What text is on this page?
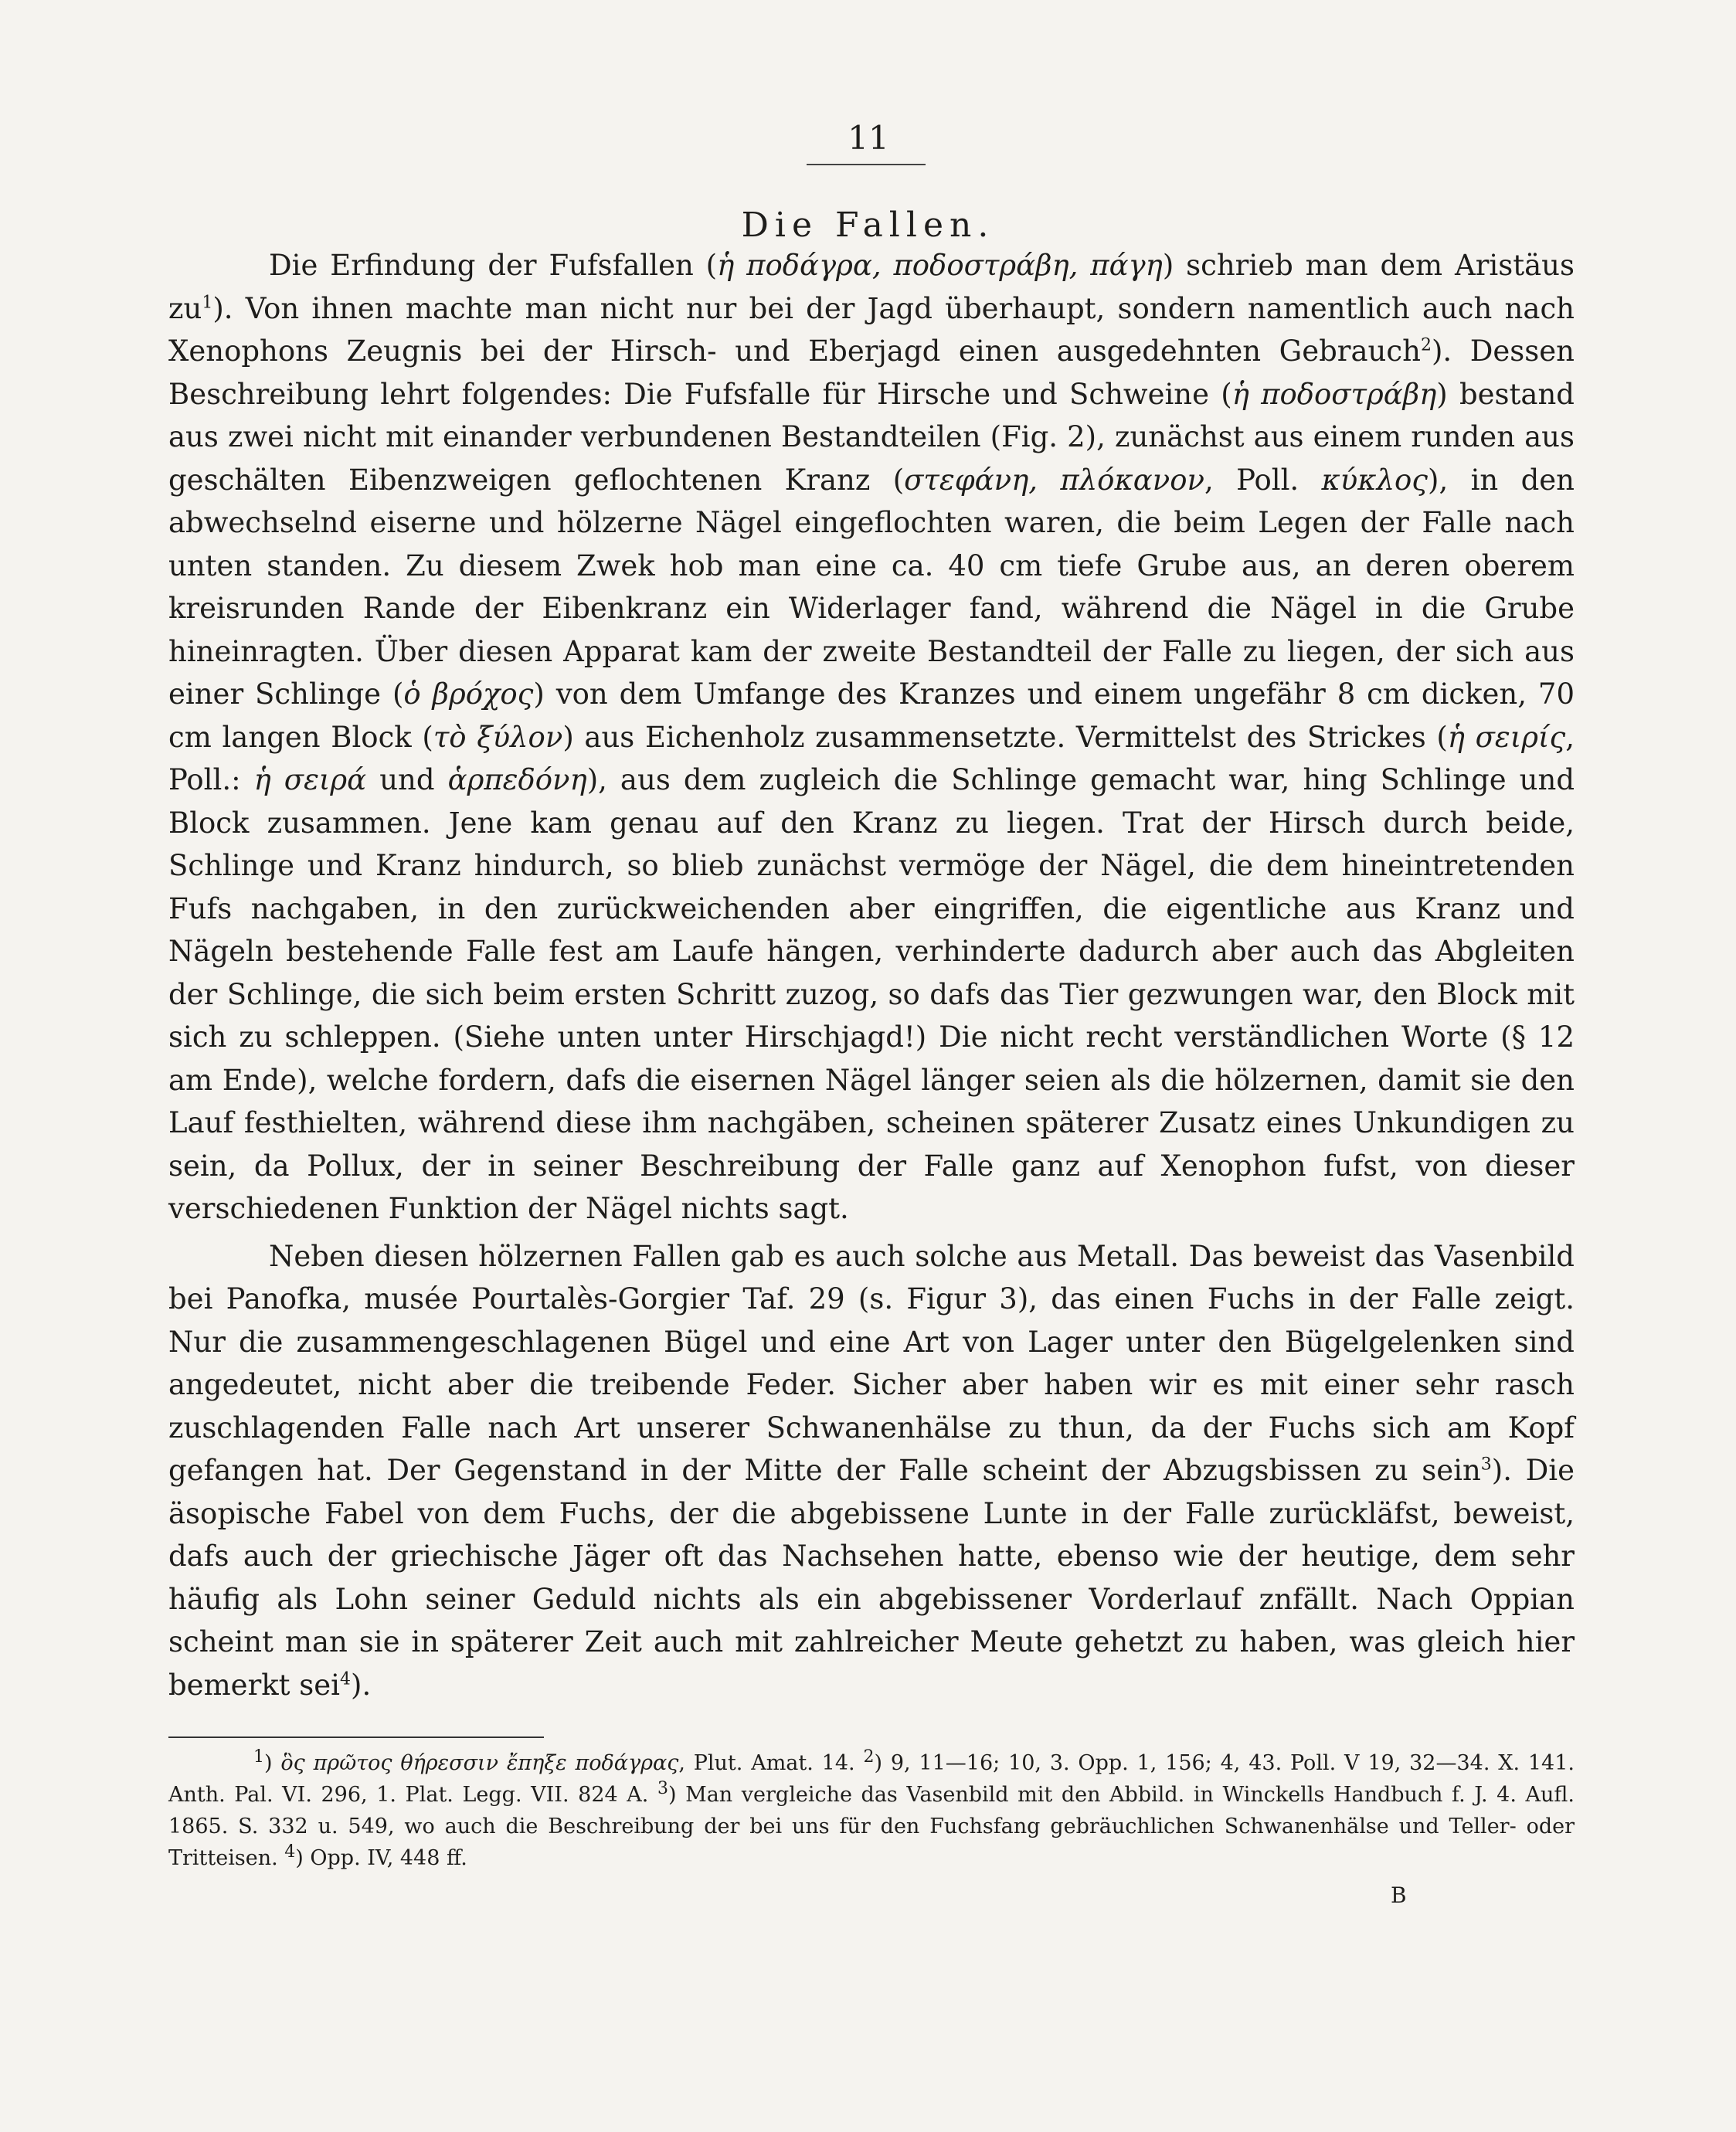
11
Die Fallen.

Die Erfindung der Fufsfallen (ἡ ποδάγρα, ποδοστράβη, πάγη) schrieb man dem Aristäus $zu^1$). Von ihnen machte man nicht nur bei der Jagd überhaupt, sondern namentlich auch nach Xenophons Zeugnis bei der Hirsch- und Eberjagd einen ausgedehnten Gebrauch$^2$). Dessen Beschreibung lehrt folgendes: Die Fufsfalle für Hirsche und Schweine (ἡ ποδοστράβη) bestand aus zwei nicht mit einander verbundenen Bestandteilen (Fig. 2), zunächst aus einem runden aus geschälten Eibenzweigen geflochtenen Kranz (στεφάνη, πλόκανον, Poll. κύκλος), in den abwechselnd eiserne und hölzerne Nägel eingeflochten waren, die beim Legen der Falle nach unten standen. Zu diesem Zwek hob man eine ca. 40 cm tiefe Grube aus, an deren oberem kreisrunden Rande der Eibenkranz ein Widerlager fand, während die Nägel in die Grube hineinragten. Über diesen Apparat kam der zweite Bestandteil der Falle zu liegen, der sich aus einer Schlinge (ὁ βρόχος) von dem Umfange des Kranzes und einem ungefähr 8 cm dicken, 70 cm langen Block (τὸ ξύλον) aus Eichenholz zusammensetzte. Vermittelst des Strickes (ἡ σειρίς, Poll.: ἡ σειρά und ἁρπεδόνη), aus dem zugleich die Schlinge gemacht war, hing Schlinge und Block zusammen. Jene kam genau auf den Kranz zu liegen. Trat der Hirsch durch beide, Schlinge und Kranz hindurch, so blieb zunächst vermöge der Nägel, die dem hineintretenden Fufs nachgaben, in den zurückweichenden aber eingriffen, die eigentliche aus Kranz und Nägeln bestehende Falle fest am Laufe hängen, verhinderte dadurch aber auch das Abgleiten der Schlinge, die sich beim ersten Schritt zuzog, so dafs das Tier gezwungen war, den Block mit sich zu schleppen. (Siehe unten unter Hirschjagd!) Die nicht recht verständlichen Worte (§ 12 am Ende), welche fordern, dafs die eisernen Nägel länger seien als die hölzernen, damit sie den Lauf festhielten, während diese ihm nachgäben, scheinen späterer Zusatz eines Unkundigen zu sein, da Pollux, der in seiner Beschreibung der Falle ganz auf Xenophon fufst, von dieser verschiedenen Funktion der Nägel nichts sagt.

Neben diesen hölzernen Fallen gab es auch solche aus Metall. Das beweist das Vasenbild bei Panofka, musée Pourtalès-Gorgier Taf. 29 (s. Figur 3), das einen Fuchs in der Falle zeigt. Nur die zusammengeschlagenen Bügel und eine Art von Lager unter den Bügelgelenken sind angedeutet, nicht aber die treibende Feder. Sicher aber haben wir es mit einer sehr rasch zuschlagenden Falle nach Art unserer Schwanenhälse zu thun, da der Fuchs sich am Kopf gefangen hat. Der Gegenstand in der Mitte der Falle scheint der Abzugsbissen zu sein$^3$). Die äsopische Fabel von dem Fuchs, der die abgebissene Lunte in der Falle zurückläfst, beweist, dafs auch der griechische Jäger oft das Nachsehen hatte, ebenso wie der heutige, dem sehr häufig als Lohn seiner Geduld nichts als ein abgebissener Vorderlauf znfällt. Nach Oppian scheint man sie in späterer Zeit auch mit zahlreicher Meute gehetzt zu haben, was gleich hier bemerkt sei$^4$).

$^1$) ὃς πρῶτος θήρεσσιν ἔπηξε ποδάγρας, Plut. Amat. 14. $^2$) 9, 11—16; 10, 3. Opp. 1, 156; 4, 43. Poll. V 19, 32—34. X. 141. Anth. Pal. VI. 296, 1. Plat. Legg. VII. 824 A. $^3$) Man vergleiche das Vasenbild mit den Abbild. in Winckells Handbuch f. J. 4. Aufl. 1865. S. 332 u. 549, wo auch die Beschreibung der bei uns für den Fuchsfang gebräuchlichen Schwanenhälse und Teller- oder Tritteisen. $^4$) Opp. IV, 448 ff.

B
